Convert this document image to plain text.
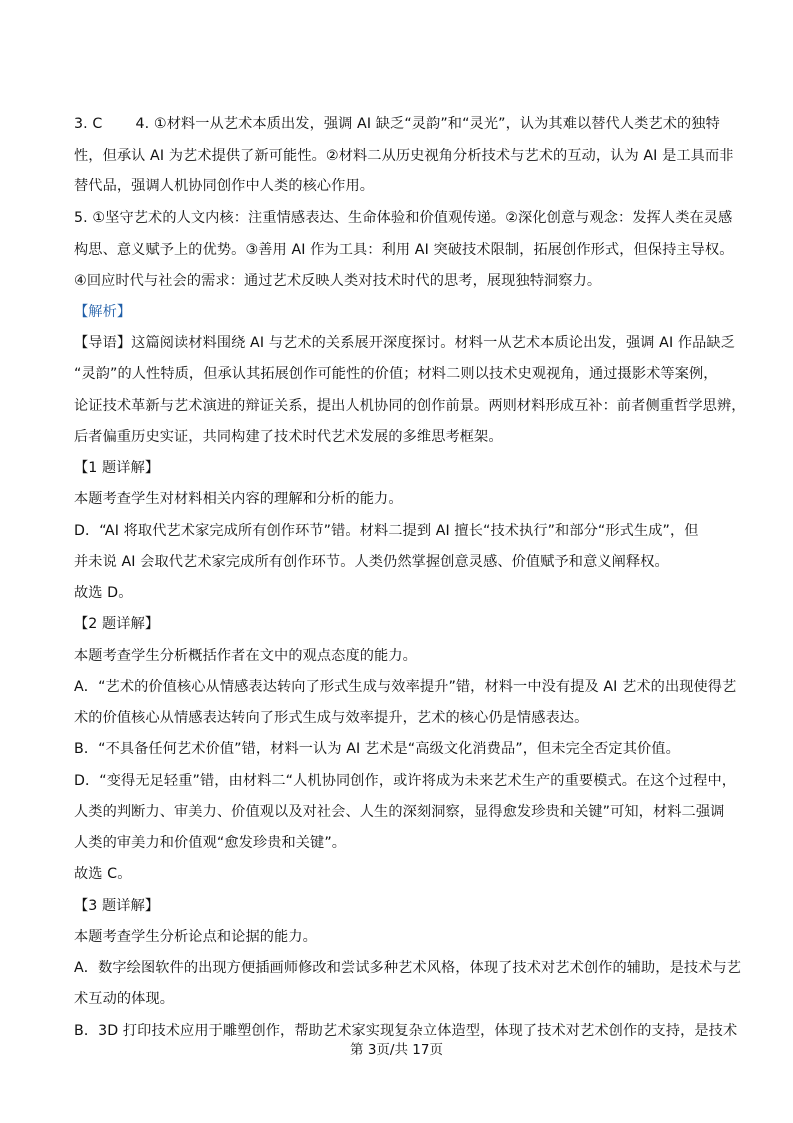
3. C　　 4. ①材料一从艺术本质出发，强调 AI 缺乏“灵韵”和“灵光”，认为其难以替代人类艺术的独特
性，但承认 AI 为艺术提供了新可能性。②材料二从历史视角分析技术与艺术的互动，认为 AI 是工具而非
替代品，强调人机协同创作中人类的核心作用。
5. ①坚守艺术的人文内核：注重情感表达、生命体验和价值观传递。②深化创意与观念：发挥人类在灵感
构思、意义赋予上的优势。③善用 AI 作为工具：利用 AI 突破技术限制，拓展创作形式，但保持主导权。
④回应时代与社会的需求：通过艺术反映人类对技术时代的思考，展现独特洞察力。
【解析】
【导语】这篇阅读材料围绕 AI 与艺术的关系展开深度探讨。材料一从艺术本质论出发，强调 AI 作品缺乏
“灵韵”的人性特质，但承认其拓展创作可能性的价值；材料二则以技术史观视角，通过摄影术等案例，
论证技术革新与艺术演进的辩证关系，提出人机协同的创作前景。两则材料形成互补：前者侧重哲学思辨，
后者偏重历史实证，共同构建了技术时代艺术发展的多维思考框架。
【1 题详解】
本题考查学生对材料相关内容的理解和分析的能力。
D．“AI 将取代艺术家完成所有创作环节”错。材料二提到 AI 擅长“技术执行”和部分“形式生成”，但
并未说 AI 会取代艺术家完成所有创作环节。人类仍然掌握创意灵感、价值赋予和意义阐释权。
故选 D。
【2 题详解】
本题考查学生分析概括作者在文中的观点态度的能力。
A．“艺术的价值核心从情感表达转向了形式生成与效率提升”错，材料一中没有提及 AI 艺术的出现使得艺
术的价值核心从情感表达转向了形式生成与效率提升，艺术的核心仍是情感表达。
B．“不具备任何艺术价值”错，材料一认为 AI 艺术是“高级文化消费品”，但未完全否定其价值。
D．“变得无足轻重”错，由材料二“人机协同创作，或许将成为未来艺术生产的重要模式。在这个过程中，
人类的判断力、审美力、价值观以及对社会、人生的深刻洞察，显得愈发珍贵和关键”可知，材料二强调
人类的审美力和价值观“愈发珍贵和关键”。
故选 C。
【3 题详解】
本题考查学生分析论点和论据的能力。
A．数字绘图软件的出现方便插画师修改和尝试多种艺术风格，体现了技术对艺术创作的辅助，是技术与艺
术互动的体现。
B．3D 打印技术应用于雕塑创作，帮助艺术家实现复杂立体造型，体现了技术对艺术创作的支持，是技术
第 3页/共 17页
